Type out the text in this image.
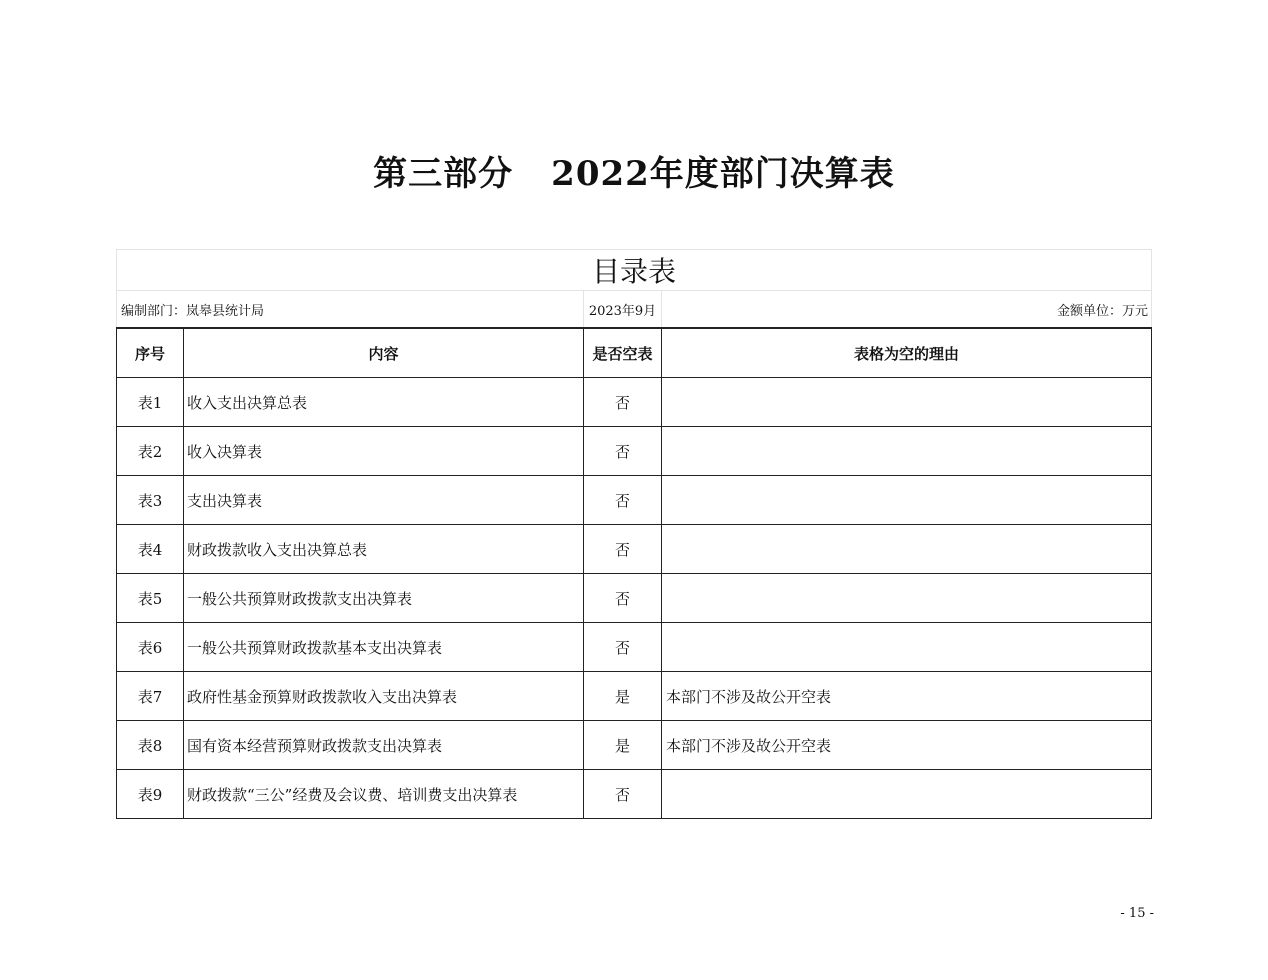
第三部分 2022年度部门决算表
目录表			
编制部门：岚皋县统计局		2023年9月	金额单位：万元
序号	内容	是否空表	表格为空的理由
表1	收入支出决算总表	否	
表2	收入决算表	否	
表3	支出决算表	否	
表4	财政拨款收入支出决算总表	否	
表5	一般公共预算财政拨款支出决算表	否	
表6	一般公共预算财政拨款基本支出决算表	否	
表7	政府性基金预算财政拨款收入支出决算表	是	本部门不涉及故公开空表
表8	国有资本经营预算财政拨款支出决算表	是	本部门不涉及故公开空表
表9	财政拨款“三公”经费及会议费、培训费支出决算表	否	
- 15 -
